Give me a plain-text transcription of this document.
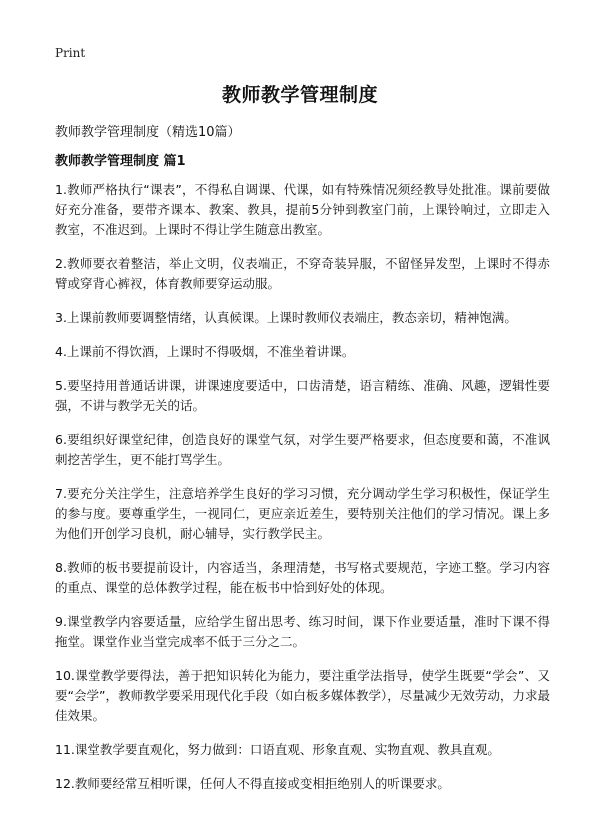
Print
教师教学管理制度
教师教学管理制度（精选10篇）
教师教学管理制度 篇1

1.教师严格执行“课表”，不得私自调课、代课，如有特殊情况须经教导处批准。课前要做好充分准备，要带齐课本、教案、教具，提前5分钟到教室门前，上课铃响过，立即走入教室，不准迟到。上课时不得让学生随意出教室。

2.教师要衣着整洁，举止文明，仪表端正，不穿奇装异服，不留怪异发型，上课时不得赤臂或穿背心裤衩，体育教师要穿运动服。

3.上课前教师要调整情绪，认真候课。上课时教师仪表端庄，教态亲切，精神饱满。

4.上课前不得饮酒，上课时不得吸烟，不准坐着讲课。

5.要坚持用普通话讲课，讲课速度要适中，口齿清楚，语言精练、准确、风趣，逻辑性要强，不讲与教学无关的话。

6.要组织好课堂纪律，创造良好的课堂气氛，对学生要严格要求，但态度要和蔼，不准讽刺挖苦学生，更不能打骂学生。

7.要充分关注学生，注意培养学生良好的学习习惯，充分调动学生学习积极性，保证学生的参与度。要尊重学生，一视同仁，更应亲近差生，要特别关注他们的学习情况。课上多为他们开创学习良机，耐心辅导，实行教学民主。

8.教师的板书要提前设计，内容适当，条理清楚，书写格式要规范，字迹工整。学习内容的重点、课堂的总体教学过程，能在板书中恰到好处的体现。

9.课堂教学内容要适量，应给学生留出思考、练习时间，课下作业要适量，准时下课不得拖堂。课堂作业当堂完成率不低于三分之二。

10.课堂教学要得法，善于把知识转化为能力，要注重学法指导，使学生既要“学会”、又要“会学”，教师教学要采用现代化手段（如白板多媒体教学），尽量减少无效劳动，力求最佳效果。

11.课堂教学要直观化，努力做到：口语直观、形象直观、实物直观、教具直观。

12.教师要经常互相听课，任何人不得直接或变相拒绝别人的听课要求。
